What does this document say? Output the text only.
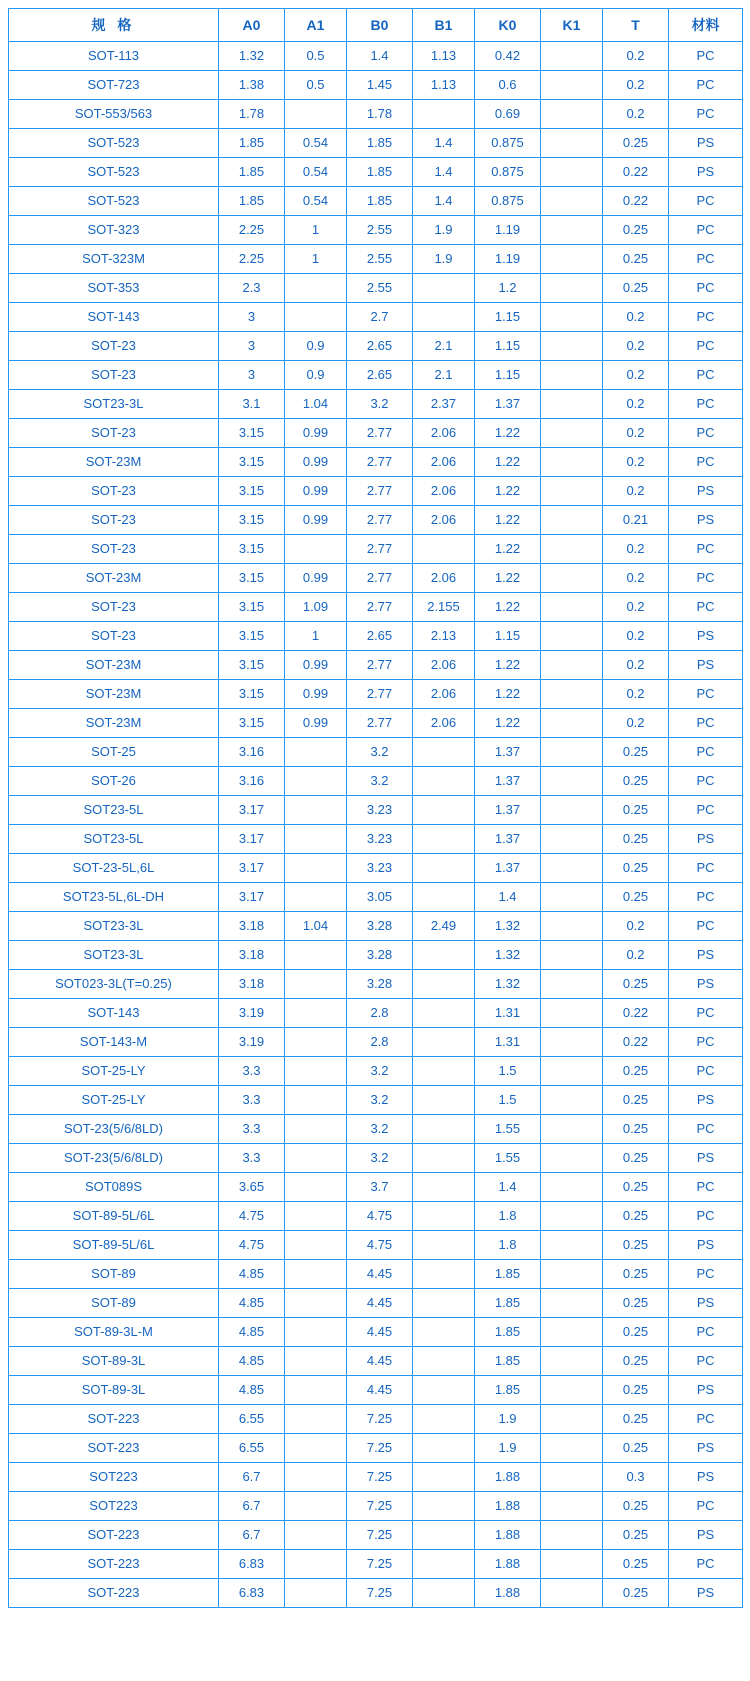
规 格	A0	A1	B0	B1	K0	K1	T	材料
SOT-113	1.32	0.5	1.4	1.13	0.42		0.2	PC
SOT-723	1.38	0.5	1.45	1.13	0.6		0.2	PC
SOT-553/563	1.78		1.78		0.69		0.2	PC
SOT-523	1.85	0.54	1.85	1.4	0.875		0.25	PS
SOT-523	1.85	0.54	1.85	1.4	0.875		0.22	PS
SOT-523	1.85	0.54	1.85	1.4	0.875		0.22	PC
SOT-323	2.25	1	2.55	1.9	1.19		0.25	PC
SOT-323M	2.25	1	2.55	1.9	1.19		0.25	PC
SOT-353	2.3		2.55		1.2		0.25	PC
SOT-143	3		2.7		1.15		0.2	PC
SOT-23	3	0.9	2.65	2.1	1.15		0.2	PC
SOT-23	3	0.9	2.65	2.1	1.15		0.2	PC
SOT23-3L	3.1	1.04	3.2	2.37	1.37		0.2	PC
SOT-23	3.15	0.99	2.77	2.06	1.22		0.2	PC
SOT-23M	3.15	0.99	2.77	2.06	1.22		0.2	PC
SOT-23	3.15	0.99	2.77	2.06	1.22		0.2	PS
SOT-23	3.15	0.99	2.77	2.06	1.22		0.21	PS
SOT-23	3.15		2.77		1.22		0.2	PC
SOT-23M	3.15	0.99	2.77	2.06	1.22		0.2	PC
SOT-23	3.15	1.09	2.77	2.155	1.22		0.2	PC
SOT-23	3.15	1	2.65	2.13	1.15		0.2	PS
SOT-23M	3.15	0.99	2.77	2.06	1.22		0.2	PS
SOT-23M	3.15	0.99	2.77	2.06	1.22		0.2	PC
SOT-23M	3.15	0.99	2.77	2.06	1.22		0.2	PC
SOT-25	3.16		3.2		1.37		0.25	PC
SOT-26	3.16		3.2		1.37		0.25	PC
SOT23-5L	3.17		3.23		1.37		0.25	PC
SOT23-5L	3.17		3.23		1.37		0.25	PS
SOT-23-5L,6L	3.17		3.23		1.37		0.25	PC
SOT23-5L,6L-DH	3.17		3.05		1.4		0.25	PC
SOT23-3L	3.18	1.04	3.28	2.49	1.32		0.2	PC
SOT23-3L	3.18		3.28		1.32		0.2	PS
SOT023-3L(T=0.25)	3.18		3.28		1.32		0.25	PS
SOT-143	3.19		2.8		1.31		0.22	PC
SOT-143-M	3.19		2.8		1.31		0.22	PC
SOT-25-LY	3.3		3.2		1.5		0.25	PC
SOT-25-LY	3.3		3.2		1.5		0.25	PS
SOT-23(5/6/8LD)	3.3		3.2		1.55		0.25	PC
SOT-23(5/6/8LD)	3.3		3.2		1.55		0.25	PS
SOT089S	3.65		3.7		1.4		0.25	PC
SOT-89-5L/6L	4.75		4.75		1.8		0.25	PC
SOT-89-5L/6L	4.75		4.75		1.8		0.25	PS
SOT-89	4.85		4.45		1.85		0.25	PC
SOT-89	4.85		4.45		1.85		0.25	PS
SOT-89-3L-M	4.85		4.45		1.85		0.25	PC
SOT-89-3L	4.85		4.45		1.85		0.25	PC
SOT-89-3L	4.85		4.45		1.85		0.25	PS
SOT-223	6.55		7.25		1.9		0.25	PC
SOT-223	6.55		7.25		1.9		0.25	PS
SOT223	6.7		7.25		1.88		0.3	PS
SOT223	6.7		7.25		1.88		0.25	PC
SOT-223	6.7		7.25		1.88		0.25	PS
SOT-223	6.83		7.25		1.88		0.25	PC
SOT-223	6.83		7.25		1.88		0.25	PS
